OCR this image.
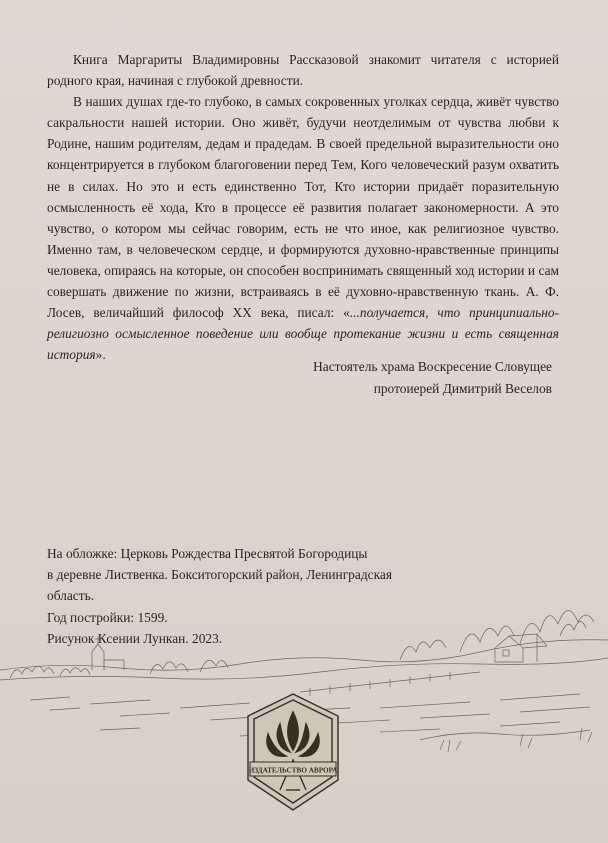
Книга Маргариты Владимировны Рассказовой знакомит читателя с историей родного края, начиная с глубокой древности.

В наших душах где-то глубоко, в самых сокровенных уголках сердца, живёт чувство сакральности нашей истории. Оно живёт, будучи неотделимым от чувства любви к Родине, нашим родителям, дедам и прадедам. В своей предельной выразительности оно концентрируется в глубоком благоговении перед Тем, Кого человеческий разум охватить не в силах. Но это и есть единственно Тот, Кто истории придаёт поразительную осмысленность её хода, Кто в процессе её развития полагает закономерности. А это чувство, о котором мы сейчас говорим, есть не что иное, как религиозное чувство. Именно там, в человеческом сердце, и формируются духовно-нравственные принципы человека, опираясь на которые, он способен воспринимать священный ход истории и сам совершать движение по жизни, встраиваясь в её духовно-нравственную ткань. А. Ф. Лосев, величайший философ XX века, писал: «...получается, что принципиально-религиозно осмысленное поведение или вообще протекание жизни и есть священная история».

Настоятель храма Воскресение Словущее
протоиерей Димитрий Веселов
На обложке: Церковь Рождества Пресвятой Богородицы
в деревне Лиственка. Бокситогорский район, Ленинградская
область.
Год постройки: 1599.
Рисунок Ксении Лункан. 2023.
ИЗДАТЕЛЬСТВО АВРОРА
